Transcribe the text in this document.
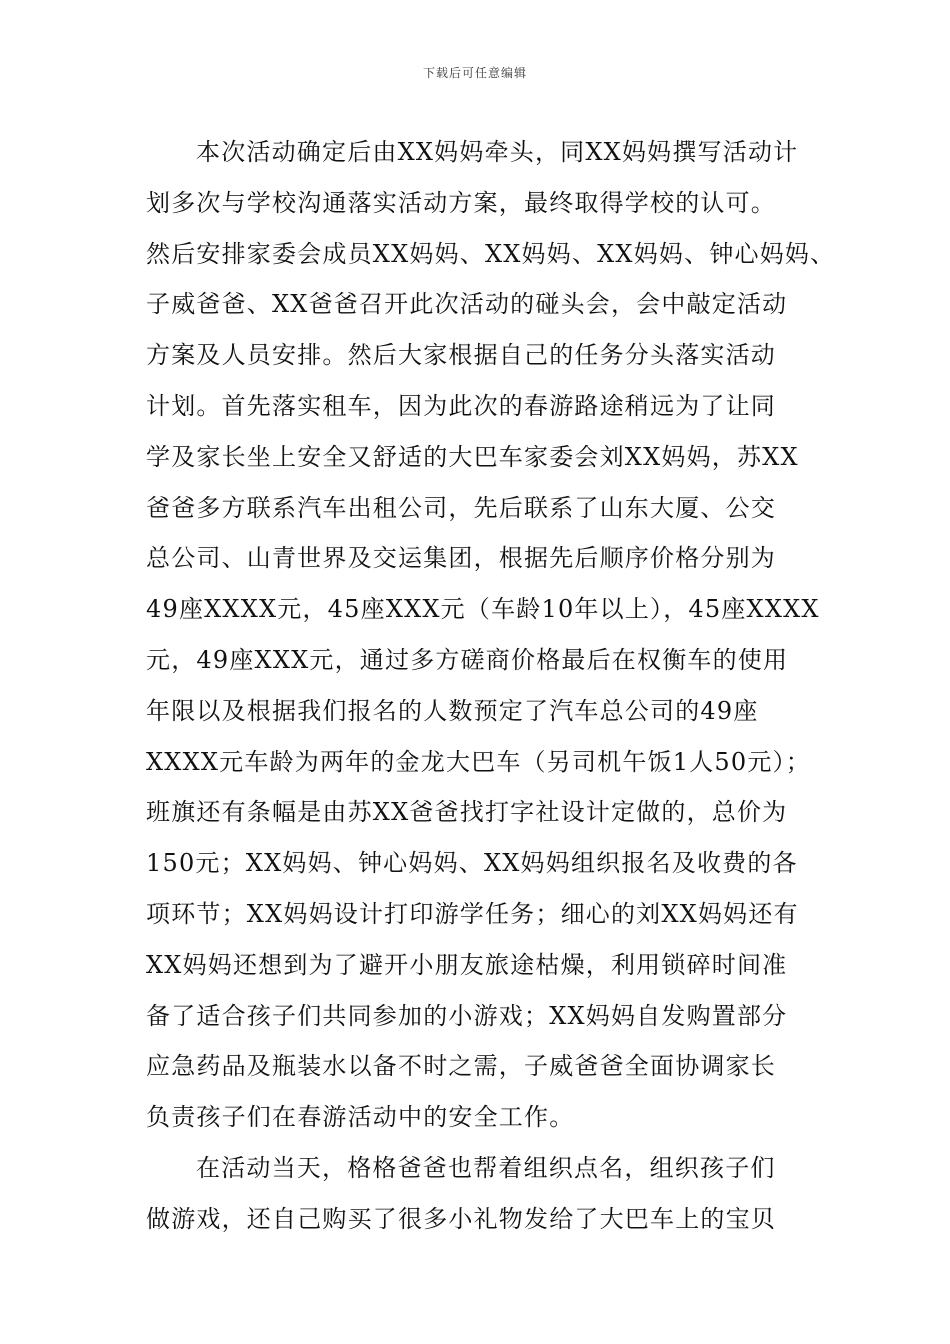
下载后可任意编辑
本次活动确定后由XX妈妈牵头，同XX妈妈撰写活动计
划多次与学校沟通落实活动方案，最终取得学校的认可。
然后安排家委会成员XX妈妈、XX妈妈、XX妈妈、钟心妈妈、
子威爸爸、XX爸爸召开此次活动的碰头会，会中敲定活动
方案及人员安排。然后大家根据自己的任务分头落实活动
计划。首先落实租车，因为此次的春游路途稍远为了让同
学及家长坐上安全又舒适的大巴车家委会刘XX妈妈，苏XX
爸爸多方联系汽车出租公司，先后联系了山东大厦、公交
总公司、山青世界及交运集团，根据先后顺序价格分别为
49座XXXX元，45座XXX元（车龄10年以上），45座XXXX
元，49座XXX元，通过多方磋商价格最后在权衡车的使用
年限以及根据我们报名的人数预定了汽车总公司的49座
XXXX元车龄为两年的金龙大巴车（另司机午饭1人50元）；
班旗还有条幅是由苏XX爸爸找打字社设计定做的，总价为
150元；XX妈妈、钟心妈妈、XX妈妈组织报名及收费的各
项环节；XX妈妈设计打印游学任务；细心的刘XX妈妈还有
XX妈妈还想到为了避开小朋友旅途枯燥，利用锁碎时间准
备了适合孩子们共同参加的小游戏；XX妈妈自发购置部分
应急药品及瓶装水以备不时之需，子威爸爸全面协调家长
负责孩子们在春游活动中的安全工作。
在活动当天，格格爸爸也帮着组织点名，组织孩子们
做游戏，还自己购买了很多小礼物发给了大巴车上的宝贝
